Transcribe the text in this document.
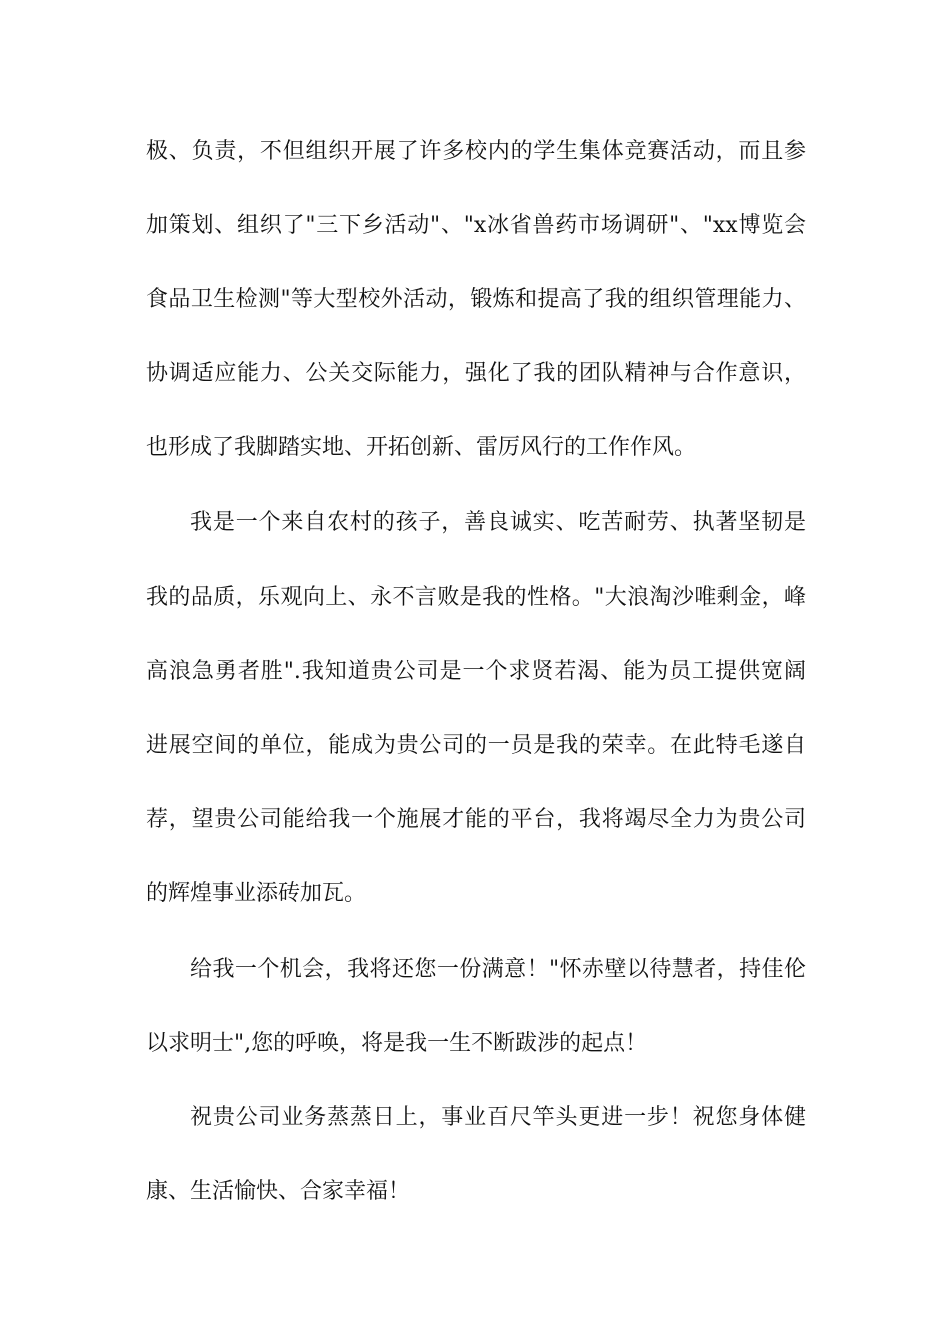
极、负责，不但组织开展了许多校内的学生集体竞赛活动，而且参
加策划、组织了"三下乡活动"、"x冰省兽药市场调研"、"xx博览会
食品卫生检测"等大型校外活动，锻炼和提高了我的组织管理能力、
协调适应能力、公关交际能力，强化了我的团队精神与合作意识，
也形成了我脚踏实地、开拓创新、雷厉风行的工作作风。
我是一个来自农村的孩子，善良诚实、吃苦耐劳、执著坚韧是
我的品质，乐观向上、永不言败是我的性格。"大浪淘沙唯剩金，峰
高浪急勇者胜".我知道贵公司是一个求贤若渴、能为员工提供宽阔
进展空间的单位，能成为贵公司的一员是我的荣幸。在此特毛遂自
荐，望贵公司能给我一个施展才能的平台，我将竭尽全力为贵公司
的辉煌事业添砖加瓦。
给我一个机会，我将还您一份满意！"怀赤壁以待慧者，持佳伦
以求明士",您的呼唤，将是我一生不断跋涉的起点！
祝贵公司业务蒸蒸日上，事业百尺竿头更进一步！祝您身体健
康、生活愉快、合家幸福！
